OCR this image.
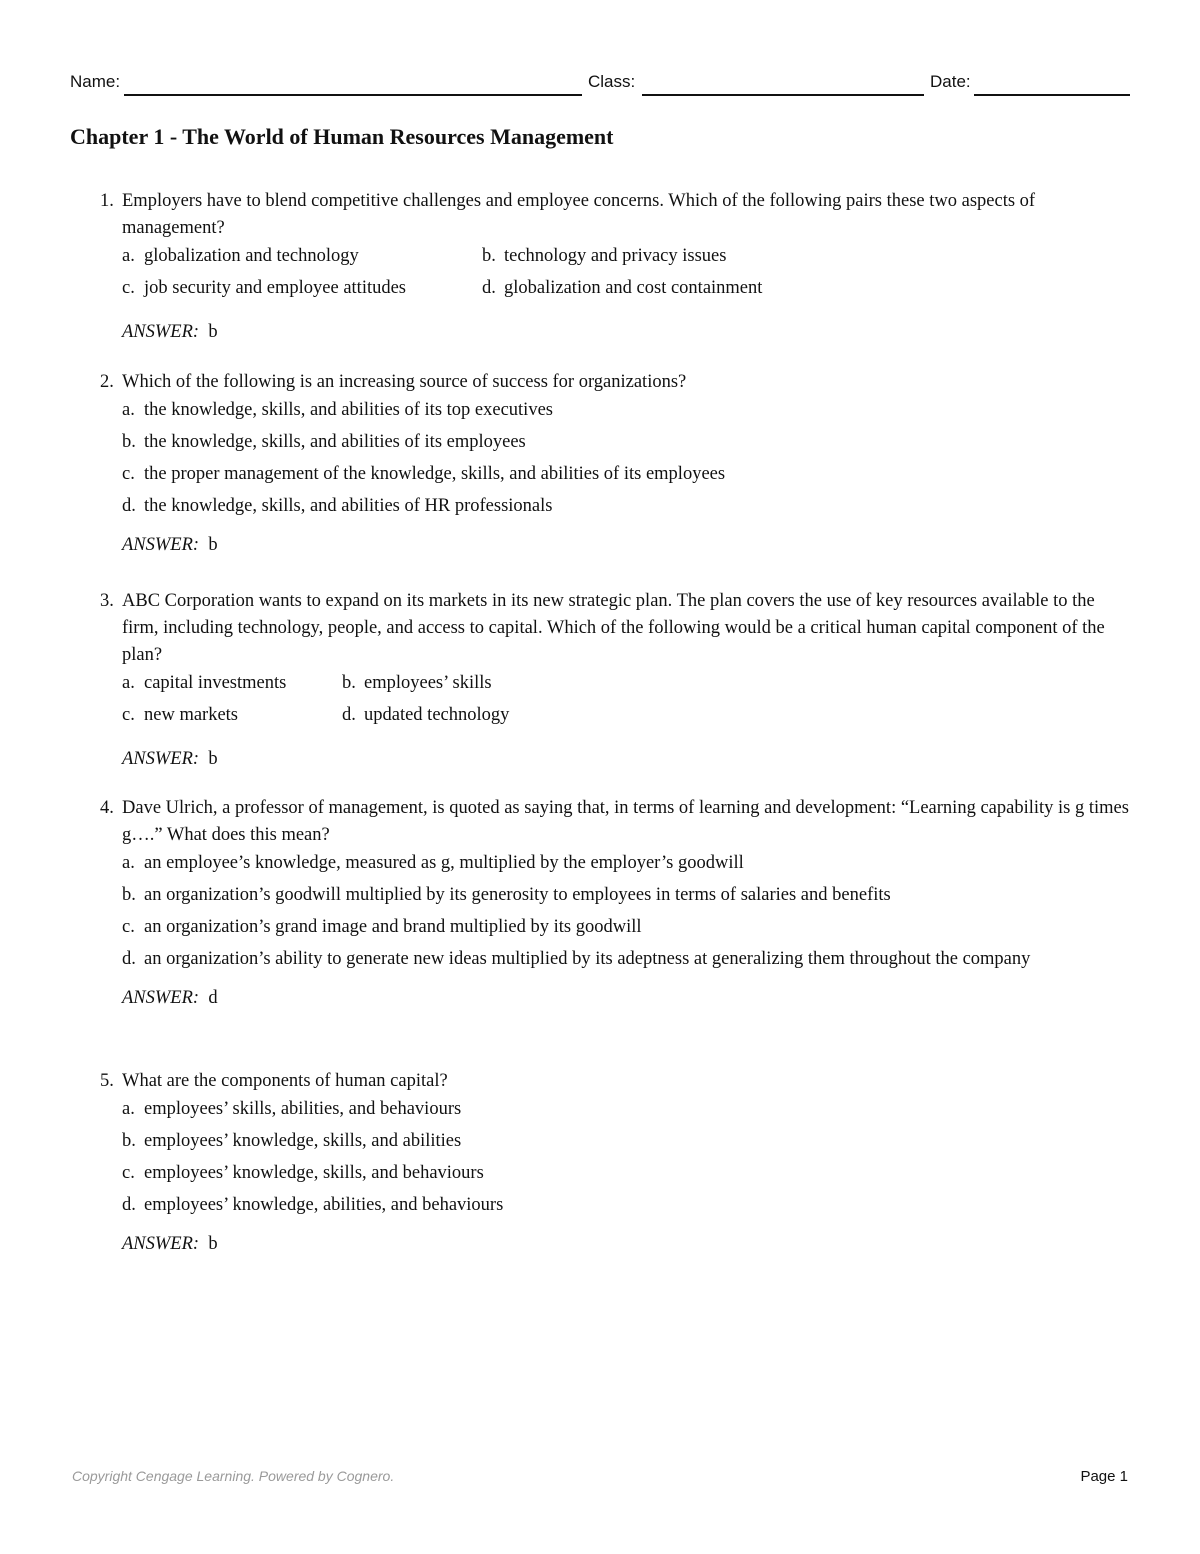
Name:	Class:	Date:
Chapter 1 - The World of Human Resources Management
1. Employers have to blend competitive challenges and employee concerns. Which of the following pairs these two aspects of management?
a. globalization and technology	b. technology and privacy issues
c. job security and employee attitudes	d. globalization and cost containment
ANSWER: b
2. Which of the following is an increasing source of success for organizations?
a. the knowledge, skills, and abilities of its top executives
b. the knowledge, skills, and abilities of its employees
c. the proper management of the knowledge, skills, and abilities of its employees
d. the knowledge, skills, and abilities of HR professionals
ANSWER: b
3. ABC Corporation wants to expand on its markets in its new strategic plan. The plan covers the use of key resources available to the firm, including technology, people, and access to capital. Which of the following would be a critical human capital component of the plan?
a. capital investments	b. employees’ skills
c. new markets	d. updated technology
ANSWER: b
4. Dave Ulrich, a professor of management, is quoted as saying that, in terms of learning and development: “Learning capability is g times g….” What does this mean?
a. an employee’s knowledge, measured as g, multiplied by the employer’s goodwill
b. an organization’s goodwill multiplied by its generosity to employees in terms of salaries and benefits
c. an organization’s grand image and brand multiplied by its goodwill
d. an organization’s ability to generate new ideas multiplied by its adeptness at generalizing them throughout the company
ANSWER: d
5. What are the components of human capital?
a. employees’ skills, abilities, and behaviours
b. employees’ knowledge, skills, and abilities
c. employees’ knowledge, skills, and behaviours
d. employees’ knowledge, abilities, and behaviours
ANSWER: b
Copyright Cengage Learning. Powered by Cognero.	Page 1
